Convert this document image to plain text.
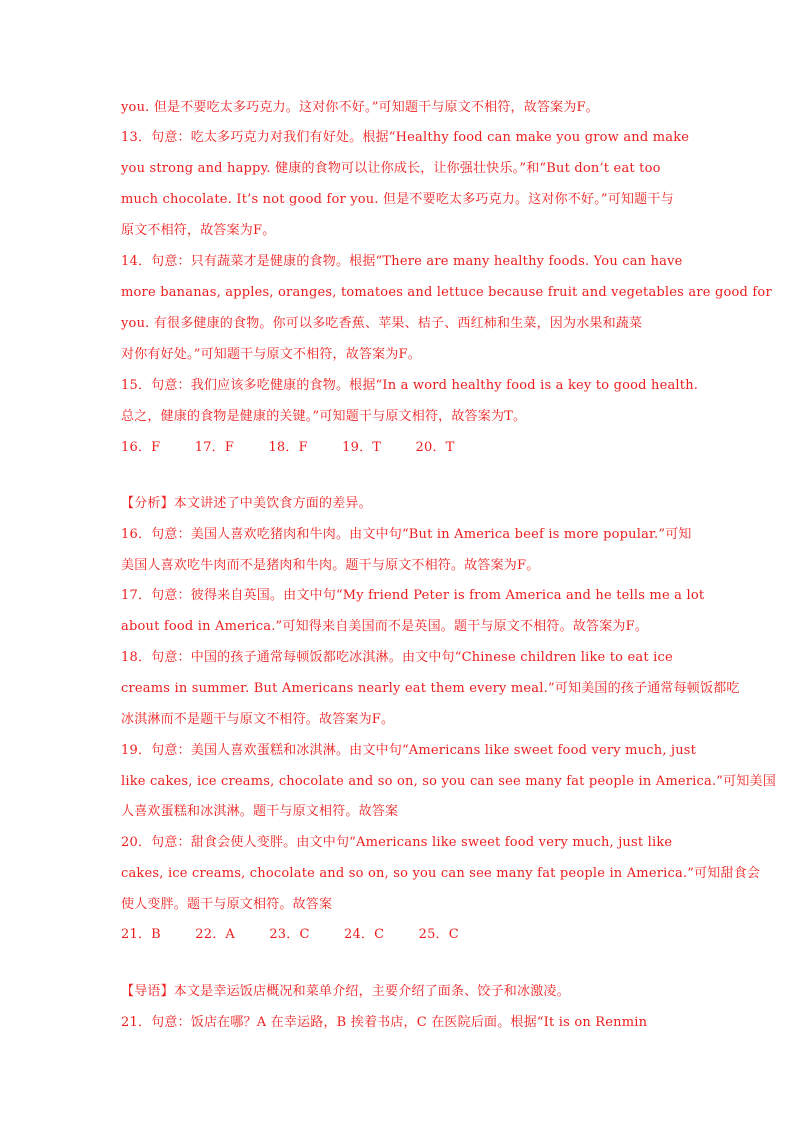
you. 但是不要吃太多巧克力。这对你不好。”可知题干与原文不相符，故答案为F。
13．句意：吃太多巧克力对我们有好处。根据“Healthy food can make you grow and make
you strong and happy. 健康的食物可以让你成长，让你强壮快乐。”和“But don’t eat too
much chocolate. It’s not good for you. 但是不要吃太多巧克力。这对你不好。”可知题干与
原文不相符，故答案为F。
14．句意：只有蔬菜才是健康的食物。根据“There are many healthy foods. You can have
more bananas, apples, oranges, tomatoes and lettuce because fruit and vegetables are good for
you. 有很多健康的食物。你可以多吃香蕉、苹果、桔子、西红柿和生菜，因为水果和蔬菜
对你有好处。”可知题干与原文不相符，故答案为F。
15．句意：我们应该多吃健康的食物。根据“In a word healthy food is a key to good health.
总之，健康的食物是健康的关键。”可知题干与原文相符，故答案为T。
16．F	17．F	18．F	19．T	20．T
【分析】本文讲述了中美饮食方面的差异。
16．句意：美国人喜欢吃猪肉和牛肉。由文中句“But in America beef is more popular.”可知
美国人喜欢吃牛肉而不是猪肉和牛肉。题干与原文不相符。故答案为F。
17．句意：彼得来自英国。由文中句“My friend Peter is from America and he tells me a lot
about food in America.”可知得来自美国而不是英国。题干与原文不相符。故答案为F。
18．句意：中国的孩子通常每顿饭都吃冰淇淋。由文中句“Chinese children like to eat ice
creams in summer. But Americans nearly eat them every meal.”可知美国的孩子通常每顿饭都吃
冰淇淋而不是题干与原文不相符。故答案为F。
19．句意：美国人喜欢蛋糕和冰淇淋。由文中句“Americans like sweet food very much, just
like cakes, ice creams, chocolate and so on, so you can see many fat people in America.”可知美国
人喜欢蛋糕和冰淇淋。题干与原文相符。故答案
20．句意：甜食会使人变胖。由文中句“Americans like sweet food very much, just like
cakes, ice creams, chocolate and so on, so you can see many fat people in America.”可知甜食会
使人变胖。题干与原文相符。故答案
21．B	22．A	23．C	24．C	25．C
【导语】本文是幸运饭店概况和菜单介绍，主要介绍了面条、饺子和冰激凌。
21．句意：饭店在哪？A 在幸运路，B 挨着书店，C 在医院后面。根据“It is on Renmin
